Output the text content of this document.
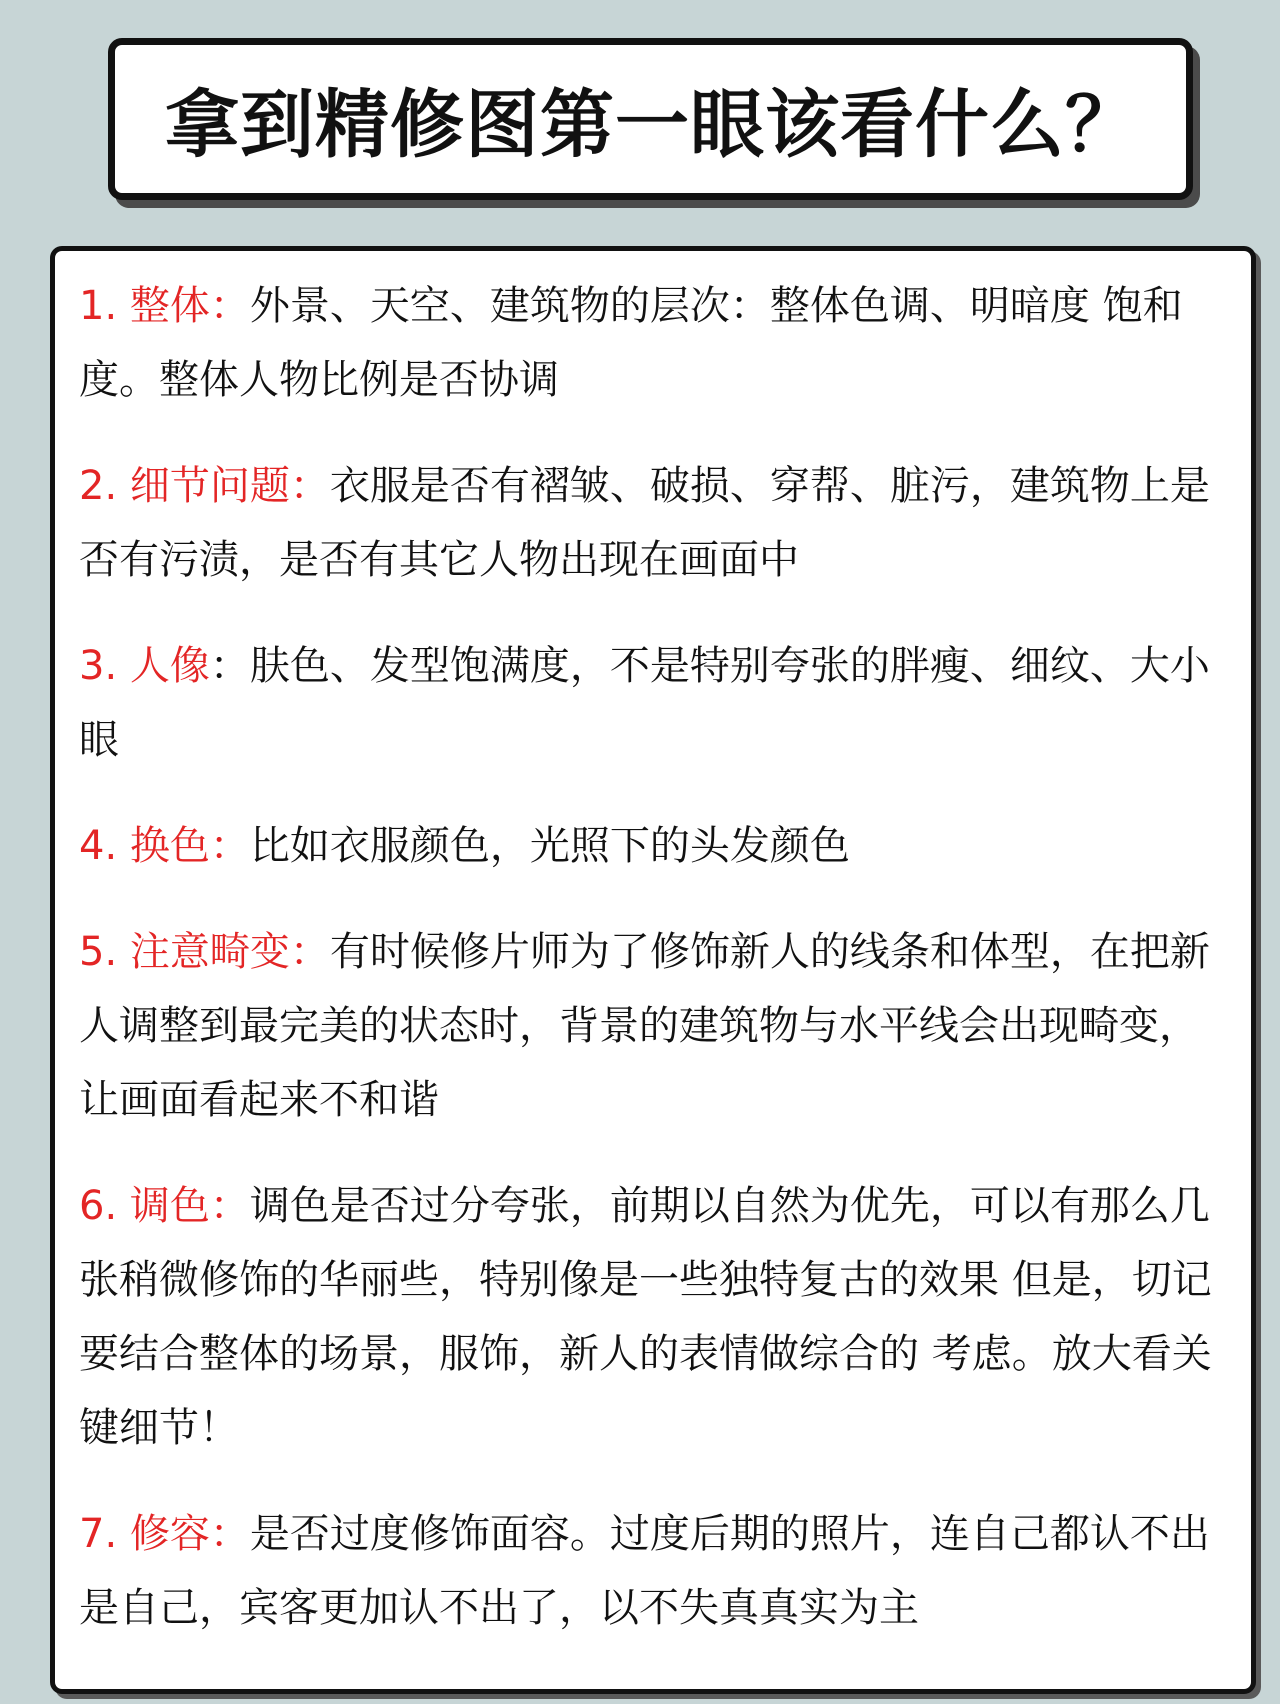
拿到精修图第一眼该看什么？
1. 整体：外景、天空、建筑物的层次：整体色调、明暗度 饱和度。整体人物比例是否协调
2. 细节问题：衣服是否有褶皱、破损、穿帮、脏污，建筑物上是否有污渍，是否有其它人物出现在画面中
3. 人像：肤色、发型饱满度，不是特别夸张的胖瘦、细纹、大小眼
4. 换色：比如衣服颜色，光照下的头发颜色
5. 注意畸变：有时候修片师为了修饰新人的线条和体型，在把新人调整到最完美的状态时，背景的建筑物与水平线会出现畸变，让画面看起来不和谐
6. 调色：调色是否过分夸张，前期以自然为优先，可以有那么几张稍微修饰的华丽些，特别像是一些独特复古的效果 但是，切记要结合整体的场景，服饰，新人的表情做综合的 考虑。放大看关键细节！
7. 修容：是否过度修饰面容。过度后期的照片，连自己都认不出是自己，宾客更加认不出了，以不失真真实为主
